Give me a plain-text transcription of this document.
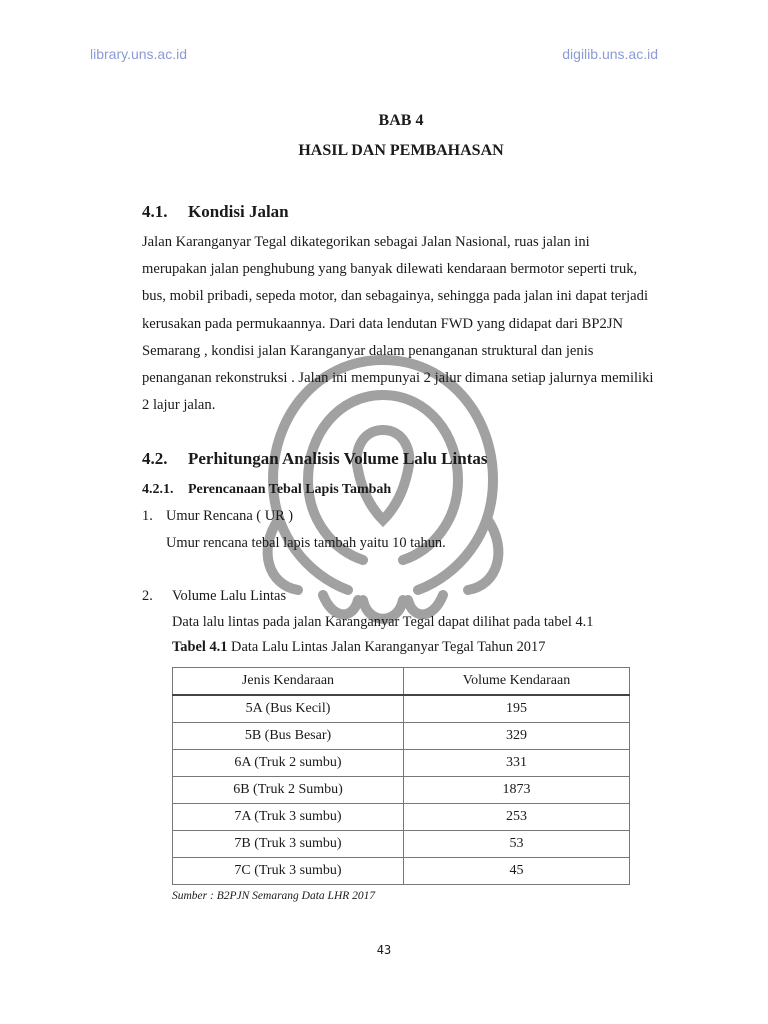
library.uns.ac.id	digilib.uns.ac.id
BAB 4
HASIL DAN PEMBAHASAN
4.1. Kondisi Jalan
Jalan Karanganyar Tegal dikategorikan sebagai Jalan Nasional, ruas jalan ini
merupakan jalan penghubung yang banyak dilewati kendaraan bermotor seperti truk,
bus, mobil pribadi, sepeda motor, dan sebagainya, sehingga pada jalan ini dapat terjadi
kerusakan pada permukaannya. Dari data lendutan FWD yang didapat dari BP2JN
Semarang , kondisi jalan Karanganyar dalam penanganan struktural dan jenis
penanganan rekonstruksi . Jalan ini mempunyai 2 jalur dimana setiap jalurnya memiliki
2 lajur jalan.
4.2. Perhitungan Analisis Volume Lalu Lintas
4.2.1. Perencanaan Tebal Lapis Tambah
1. Umur Rencana ( UR )
Umur rencana tebal lapis tambah yaitu 10 tahun.
2. Volume Lalu Lintas
Data lalu lintas pada jalan Karanganyar Tegal dapat dilihat pada tabel 4.1
Tabel 4.1 Data Lalu Lintas Jalan Karanganyar Tegal Tahun 2017
Jenis Kendaraan	Volume Kendaraan
5A (Bus Kecil)	195
5B (Bus Besar)	329
6A (Truk 2 sumbu)	331
6B (Truk 2 Sumbu)	1873
7A (Truk 3 sumbu)	253
7B (Truk 3 sumbu)	53
7C (Truk 3 sumbu)	45
Sumber : B2PJN Semarang Data LHR 2017
43
